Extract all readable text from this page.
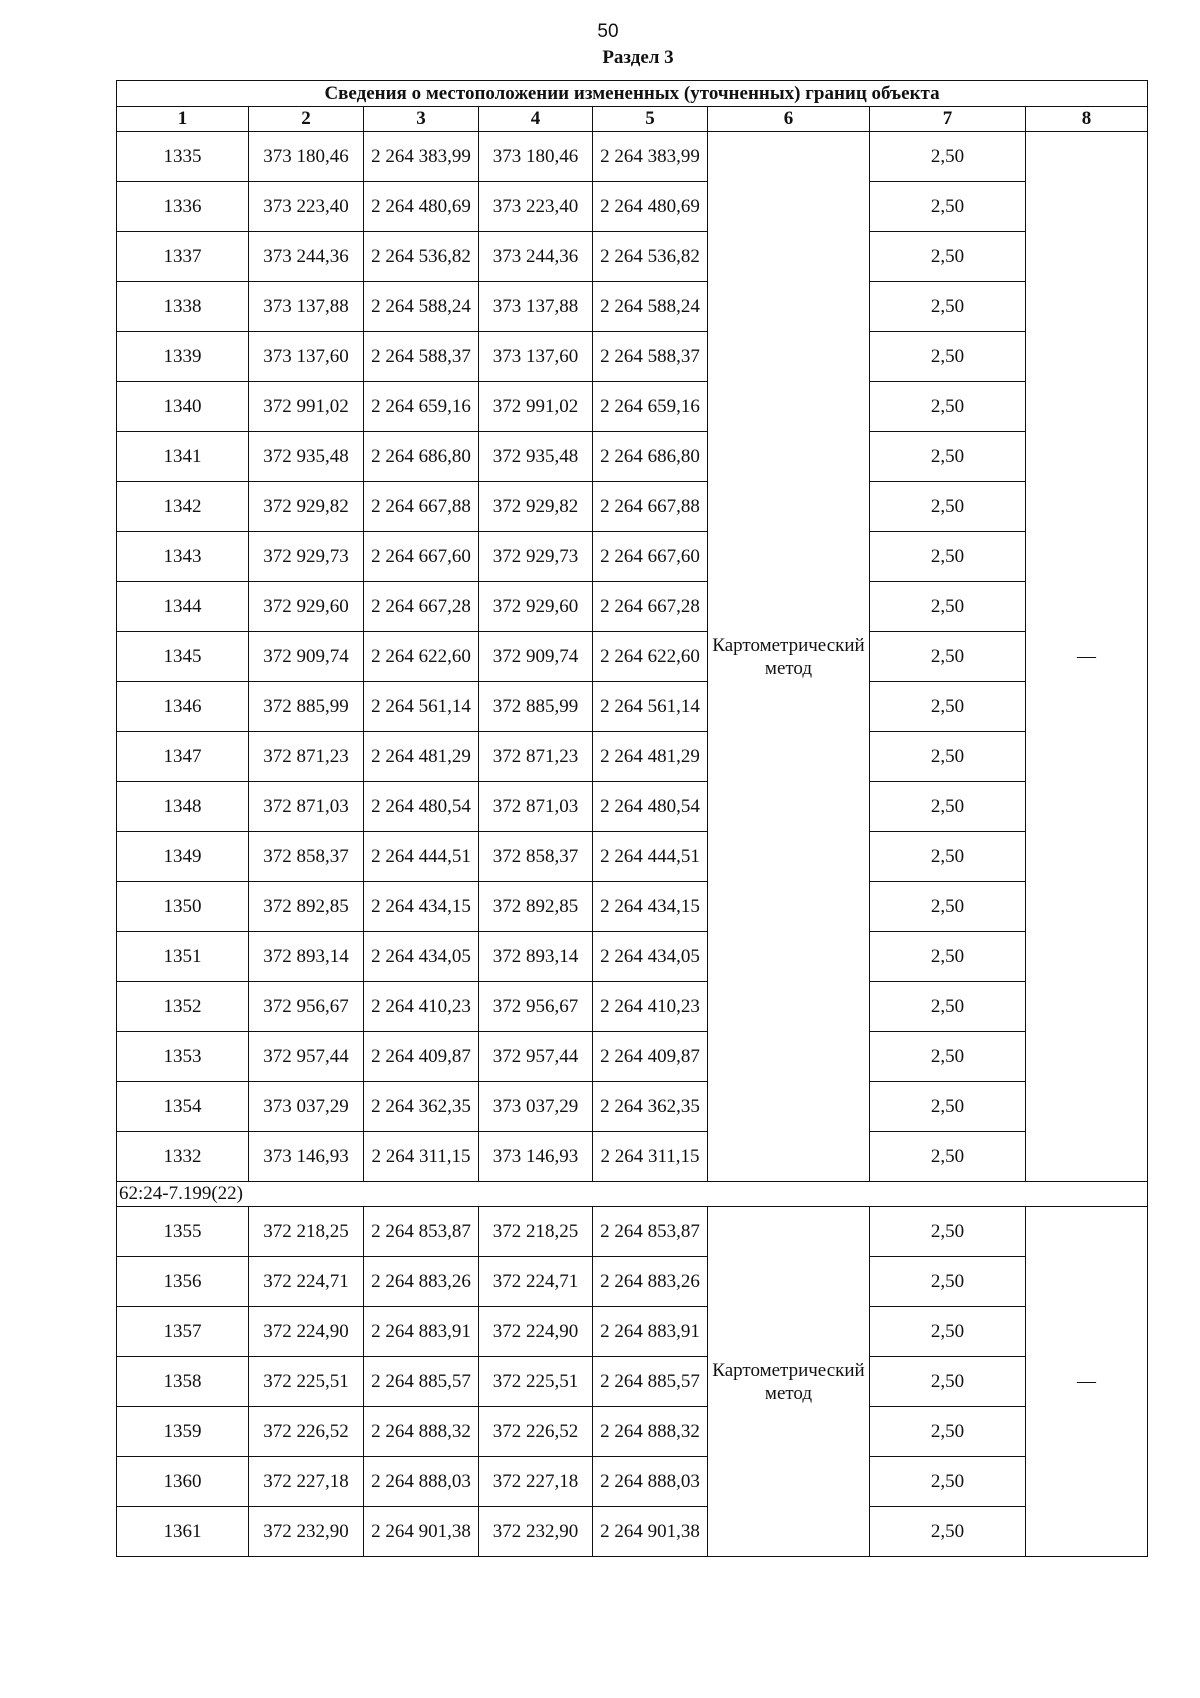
50
Раздел 3
Сведения о местоположении измененных (уточненных) границ объекта							
1	2	3	4	5	6	7	8
1335	373 180,46	2 264 383,99	373 180,46	2 264 383,99	Картометрический метод	2,50	—
1336	373 223,40	2 264 480,69	373 223,40	2 264 480,69		2,50	
1337	373 244,36	2 264 536,82	373 244,36	2 264 536,82		2,50	
1338	373 137,88	2 264 588,24	373 137,88	2 264 588,24		2,50	
1339	373 137,60	2 264 588,37	373 137,60	2 264 588,37		2,50	
1340	372 991,02	2 264 659,16	372 991,02	2 264 659,16		2,50	
1341	372 935,48	2 264 686,80	372 935,48	2 264 686,80		2,50	
1342	372 929,82	2 264 667,88	372 929,82	2 264 667,88		2,50	
1343	372 929,73	2 264 667,60	372 929,73	2 264 667,60		2,50	
1344	372 929,60	2 264 667,28	372 929,60	2 264 667,28		2,50	
1345	372 909,74	2 264 622,60	372 909,74	2 264 622,60		2,50	
1346	372 885,99	2 264 561,14	372 885,99	2 264 561,14		2,50	
1347	372 871,23	2 264 481,29	372 871,23	2 264 481,29		2,50	
1348	372 871,03	2 264 480,54	372 871,03	2 264 480,54		2,50	
1349	372 858,37	2 264 444,51	372 858,37	2 264 444,51		2,50	
1350	372 892,85	2 264 434,15	372 892,85	2 264 434,15		2,50	
1351	372 893,14	2 264 434,05	372 893,14	2 264 434,05		2,50	
1352	372 956,67	2 264 410,23	372 956,67	2 264 410,23		2,50	
1353	372 957,44	2 264 409,87	372 957,44	2 264 409,87		2,50	
1354	373 037,29	2 264 362,35	373 037,29	2 264 362,35		2,50	
1332	373 146,93	2 264 311,15	373 146,93	2 264 311,15		2,50	
62:24-7.199(22)							
1355	372 218,25	2 264 853,87	372 218,25	2 264 853,87	Картометрический метод	2,50	—
1356	372 224,71	2 264 883,26	372 224,71	2 264 883,26		2,50	
1357	372 224,90	2 264 883,91	372 224,90	2 264 883,91		2,50	
1358	372 225,51	2 264 885,57	372 225,51	2 264 885,57		2,50	
1359	372 226,52	2 264 888,32	372 226,52	2 264 888,32		2,50	
1360	372 227,18	2 264 888,03	372 227,18	2 264 888,03		2,50	
1361	372 232,90	2 264 901,38	372 232,90	2 264 901,38		2,50	
